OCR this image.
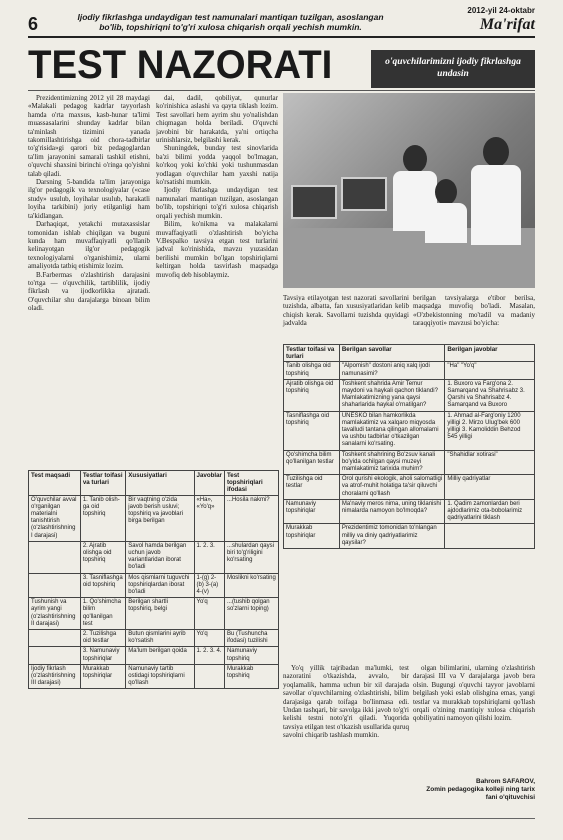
6	Ijodiy fikrlashga undaydigan test namunalari mantiqan tuzilgan, asoslangan bo'lib, topshiriqni to'g'ri xulosa chiqarish orqali yechish mumkin.
2012-yil 24-oktabr
Ma'rifat
TEST NAZORATI	o'quvchilarimizni ijodiy fikrlashga undasin

Prezidentimizning 2012 yil 28 maydagi «Malakali pedagog kadrlar tayyorlash hamda o'rta maxsus, kasb-hunar ta'limi muassasalarini shunday kadrlar bilan ta'minlash tizimini yanada takomillashtirishga oid chora-tadbirlar to'g'risida»gi qarori biz pedagoglardan ta'lim jarayonini samarali tashkil etishni, o'quvchi shaxsini birinchi o'ringa qo'yishni talab qiladi.

Darsning 5-bandida ta'lim jarayoniga ilg'or pedagogik va texnologiyalar («case study» usulub, loyihalar usulub, harakatli loyiha tarkibini) joriy etilganligi ham ta'kidlangan.

Darhaqiqat, yetakchi mutaxassislar tomonidan ishlab chiqilgan va buguni kunda ham muvaffaqiyatli qo'llanib kelinayotgan ilg'or pedagogik texnologiyalarni o'rganishimiz, ularni amaliyotda tatbiq etishimiz lozim.

B.Farbermas o'zlashtirish darajasini to'rtga — o'quvchilik, tartiblilik, ijodiy fikrlash va ijodkorlikka ajratadi. O'quvchilar shu darajalarga binoan bilim oladi.

dai, dadil, qobiliyat, qunurlar ko'rinishica aslashi va qayta tiklash lozim. Test savollari hem ayrim shu yo'nalishdan chiqmagan holda beriladi. O'quvchi javobini bir harakatda, ya'ni ortiqcha urinishlarsiz, belgilashi kerak.

Shuningdek, bunday test sinovlarida ba'zi bilimi yodda yaqqol bo'lmagan, ko'rkoq yoki ko'chki yoki tushunmasdan yodlagan o'quvchilar ham yaxshi natija ko'rsatishi mumkin.

Ijodiy fikrlashga undaydigan test namunalari mantiqan tuzilgan, asoslangan bo'lib, topshiriqni to'g'ri xulosa chiqarish orqali yechish mumkin.

Bilim, ko'nikma va malakalarni muvaffaqiyatli o'zlashtirish bo'yicha V.Bespalko tavsiya etgan test turlarini jadval ko'rinishida, mavzu yuzasidan berilishi mumkin bo'lgan topshiriqlarni keltirgan holda tasvirlash maqsadga muvofiq deb hisoblaymiz.

Tavsiya etilayotgan test nazorati savollarini tuzishda, albatta, fan xususiyatlaridan kelib chiqish kerak. Savollarni tuzishda quyidagi jadvalda
berilgan tavsiyalarga e'tibor berilsa, maqsadga muvofiq bo'ladi. Masalan, «O'zbekistonning mo'tadil va madaniy taraqqiyoti» mavzusi bo'yicha:
Test maqsadi	Testlar toifasi va turlari	Xususiyatlari	Javoblar	Test topshiriqlari ifodasi
O'quvchilar avval o'rganilgan materialni tanishtirish (o'zlashtirishning I darajasi)	1. Tanib olish-ga oid topshiriq	Bir vaqtning o'zida javob berish usluvi; topshiriq va javoblari birga berilgan	«Ha», «Yo'q»	...Hosila nakmi?
	2. Ajratib olishga oid topshiriq	Savol hamda berilgan uchun javob variantlaridan iborat bo'ladi	1. 2. 3.	...shulardan qaysi biri to'g'riligini ko'rsating
	3. Tasniflashga oid topshiriq	Mos qismlarni tuguvchi topshiriqlardan iborat bo'ladi	1-(g) 2-(b) 3-(a) 4-(v)	Moslikni ko'rsating
Tushunish va ayrim yangi (o'zlashtirishning II darajasi)	1. Qo'shimcha bilim qo'llanilgan test	Berilgan shartli topshiriq, belgi	Yo'q	...(tushib qolgan so'zlarni toping)
	2. Tuzilishga oid testlar	Butun qismlarini ayrib ko'rsatish	Yo'q	Bu (Tushuncha ifodasi) tuzilishi
	3. Namunaviy topshiriqlar	Ma'lum berilgan qoida	1. 2. 3. 4.	Namunaviy topshiriq
Ijodiy fikrlash (o'zlashtirishning III darajasi)	Murakkab topshiriqlar	Namunaviy tartib ostidagi topshiriqlarni qo'llash		Murakkab topshiriq
Testlar toifasi va turlari	Berilgan savollar	Berilgan javoblar
Tanib olishga oid topshiriq	"Alpomish" dostoni aniq xalq ijodi namunasimi?	"Ha" "Yo'q"
Ajratib olishga oid topshiriq	Toshkent shahrida Amir Temur maydoni va haykali qachon tiklandi? Mamlakatimizning yana qaysi shaharlarida haykal o'rnatilgan?	1. Buxoro va Farg'ona 2. Samarqand va Shahrisabz 3. Qarshi va Shahrisabz 4. Samarqand va Buxoro
Tasniflashga oid topshiriq	UNESKO bilan hamkorlikda mamlakatimiz va xalqaro miqyosda tavalludi tantana qilingan allomalarni va ushbu tadbirlar o'tkazilgan sanalarni ko'rsating.	1. Ahmad al-Farg'oniy 1200 yilligi 2. Mirzo Ulug'bek 600 yilligi 3. Kamoliddin Behzod 545 yilligi
Qo'shimcha bilim qo'llanilgan testlar	Toshkent shahrining Bo'zsuv kanali bo'yida ochilgan qaysi muzeyi mamlakatimiz tarixida muhim?	"Shahidlar xotirasi"
Tuzilishga oid testlar	Orol qurishi ekologik, aholi salomatligi va atrof-muhit holatiga ta'sir qiluvchi choralarni qo'llash	Milliy qadriyatlar
Namunaviy topshiriqlar	Ma'naviy meros nima, uning tiklanishi nimalarda namoyon bo'lmoqda?	1. Qadim zamonlardan beri ajdodlarimiz ota-bobolarimiz qadriyatlarini tiklash
Murakkab topshiriqlar	Prezidentimiz tomonidan to'nlangan milliy va diniy qadriyatlarimiz qaysilar?	

Yo'q yillik tajribadan ma'lumki, test nazoratini o'tkazishda, avvalo, bir yoqlamalik, hamma uchun bir xil darajada savollar o'quvchilarning o'zlashtirishi, bilim darajasiga qarab toifaga bo'linmasa edi. Undan tashqari, bir savolga ikki javob to'g'ri kelishi testni noto'g'ri qiladi. Yuqorida tavsiya etilgan test o'tkazish usullarida quruq savolni chiqarib tashlash mumkin.

olgan bilimlarini, ularning o'zlashtirish darajasi III va V darajalarga javob bera olsin. Bugungi o'quvchi tayyor javoblarni belgilash yoki eslab olishgina emas, yangi testlar va murakkab topshiriqlarni qo'llash orqali o'zining mantiqiy xulosa chiqarish qobiliyatini namoyon qilishi lozim.

Bahrom SAFAROV,
Zomin pedagogika kolleji ning tarix fani o'qituvchisi
